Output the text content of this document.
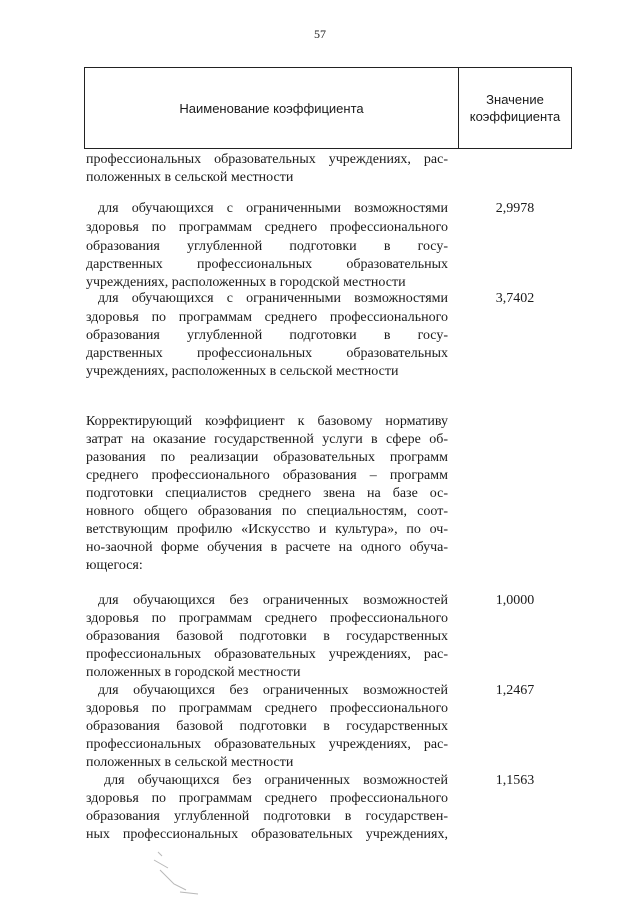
57
Наименование коэффициента
Значение
коэффициента
профессиональных образовательных учреждениях, рас-
положенных в сельской местности
для обучающихся с ограниченными возможностями
здоровья по программам среднего профессионального
образования углубленной подготовки в госу-
дарственных профессиональных образовательных
учреждениях, расположенных в городской местности
2,9978
для обучающихся с ограниченными возможностями
здоровья по программам среднего профессионального
образования углубленной подготовки в госу-
дарственных профессиональных образовательных
учреждениях, расположенных в сельской местности
3,7402
Корректирующий коэффициент к базовому нормативу
затрат на оказание государственной услуги в сфере об-
разования по реализации образовательных программ
среднего профессионального образования – программ
подготовки специалистов среднего звена на базе ос-
новного общего образования по специальностям, соот-
ветствующим профилю «Искусство и культура», по оч-
но-заочной форме обучения в расчете на одного обуча-
ющегося:
для обучающихся без ограниченных возможностей
здоровья по программам среднего профессионального
образования базовой подготовки в государственных
профессиональных образовательных учреждениях, рас-
положенных в городской местности
1,0000
для обучающихся без ограниченных возможностей
здоровья по программам среднего профессионального
образования базовой подготовки в государственных
профессиональных образовательных учреждениях, рас-
положенных в сельской местности
1,2467
для обучающихся без ограниченных возможностей
здоровья по программам среднего профессионального
образования углубленной подготовки в государствен-
ных профессиональных образовательных учреждениях,
1,1563
